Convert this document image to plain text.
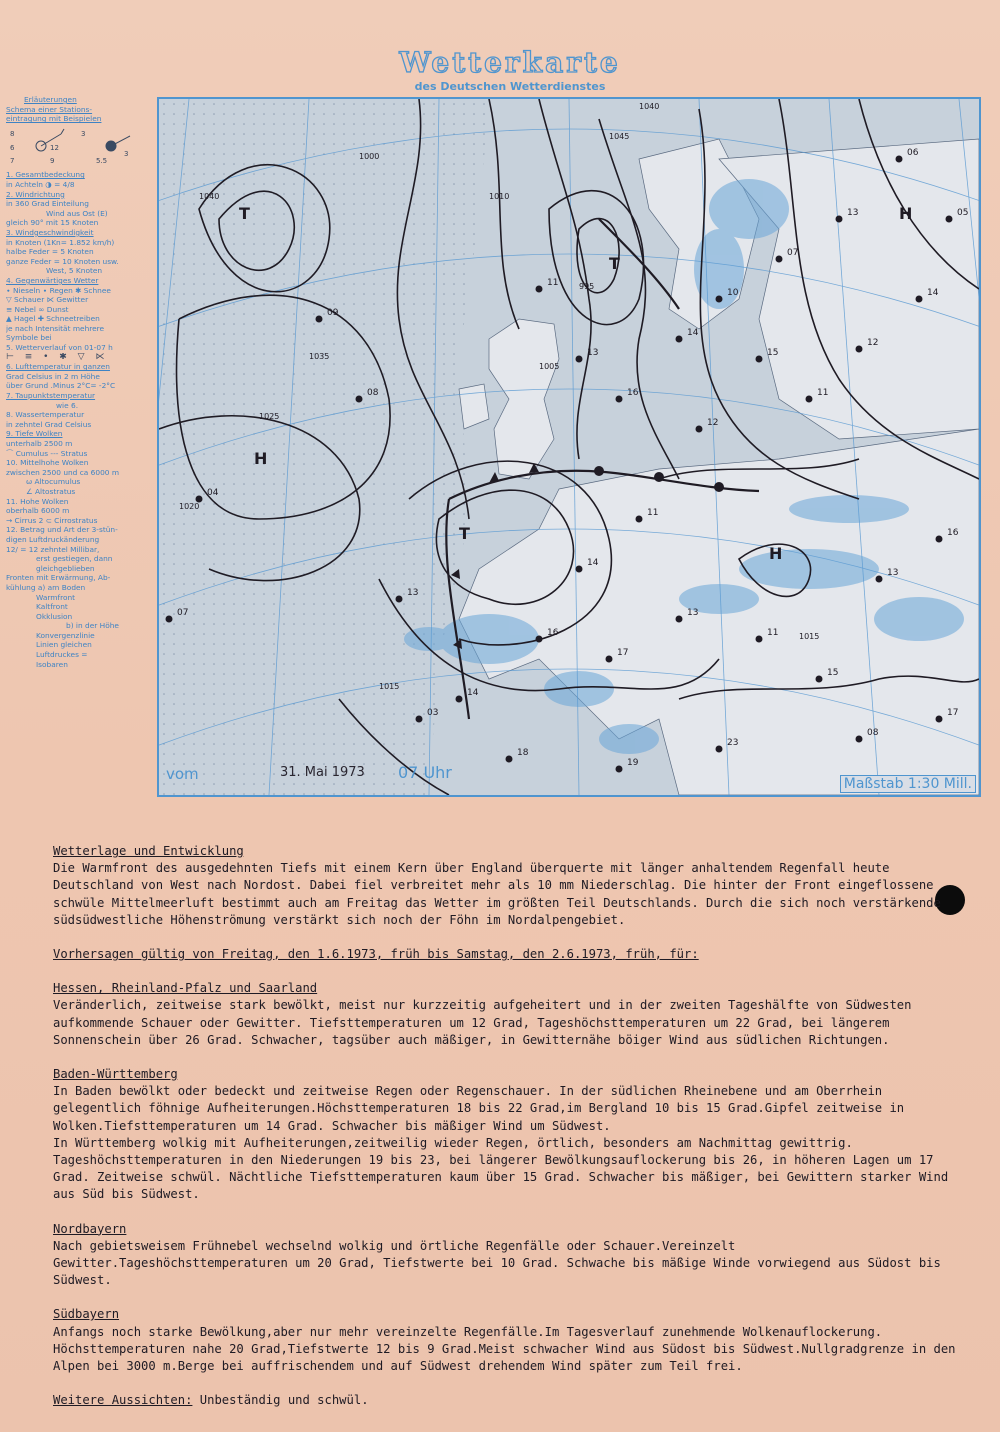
Wetterkarte
des Deutschen Wetterdienstes
Erläuterungen
Schema einer Stations-
eintragung mit Beispielen
8
6
7
12
9
3
5.5
3
1. Gesamtbedeckung
in Achteln ◑ = 4/8
2. Windrichtung
in 360 Grad Einteilung
Wind aus Ost (E)
gleich 90° mit 15 Knoten
3. Windgeschwindigkeit
in Knoten (1Kn= 1.852 km/h)
halbe Feder = 5 Knoten
ganze Feder = 10 Knoten usw.
West, 5 Knoten
4. Gegenwärtiges Wetter
∙ Nieseln ∙ Regen ✱ Schnee
▽ Schauer ⋉ Gewitter
≡ Nebel ∞ Dunst
▲ Hagel ✚ Schneetreiben
je nach Intensität mehrere
Symbole bei
5. Wetterverlauf von 01-07 h
⊢ ≡ • ✱ ▽ ⋉
6. Lufttemperatur in ganzen
Grad Celsius in 2 m Höhe
über Grund .Minus 2°C= -2°C
7. Taupunktstemperatur
wie 6.
8. Wassertemperatur
in zehntel Grad Celsius
9. Tiefe Wolken
unterhalb 2500 m
⌒ Cumulus --- Stratus
10. Mittelhohe Wolken
zwischen 2500 und ca 6000 m
ω Altocumulus
∠ Altostratus
11. Hohe Wolken
oberhalb 6000 m
→ Cirrus 2 ⊂ Cirrostratus
12. Betrag und Art der 3-stün-
digen Luftdruckänderung
12/ = 12 zehntel Millibar,
erst gestiegen, dann
gleichgeblieben
Fronten mit Erwärmung, Ab-
kühlung a) am Boden
Warmfront
Kaltfront
Okklusion
b) in der Höhe
Konvergenzlinie
Linien gleichen
Luftdruckes =
Isobaren
11
13
16
14
10
15
11
12
14
05
06
13
07
12
11
14
16
17
13
11
15
13
16
14
03
13
08
09
04
07
18
19
23
08
17
1040
1035
1025
1020
1015
1010
1005
1000
995
1040
1045
1015
T
H
T
H
H
T
vom	31. Mai 1973 07 Uhr
Maßstab 1:30 Mill.

Wetterlage und Entwicklung

Die Warmfront des ausgedehnten Tiefs mit einem Kern über England überquerte mit länger anhaltendem Regenfall heute Deutschland von West nach Nordost. Dabei fiel verbreitet mehr als 10 mm Niederschlag. Die hinter der Front eingeflossene schwüle Mittelmeerluft bestimmt auch am Freitag das Wetter im größten Teil Deutschlands. Durch die sich noch verstärkende südsüdwestliche Höhenströmung verstärkt sich noch der Föhn im Nordalpengebiet.

Vorhersagen gültig von Freitag, den 1.6.1973, früh bis Samstag, den 2.6.1973, früh, für:

Hessen, Rheinland-Pfalz und Saarland

Veränderlich, zeitweise stark bewölkt, meist nur kurzzeitig aufgeheitert und in der zweiten Tageshälfte von Südwesten aufkommende Schauer oder Gewitter. Tiefsttemperaturen um 12 Grad, Tageshöchsttemperaturen um 22 Grad, bei längerem Sonnenschein über 26 Grad. Schwacher, tagsüber auch mäßiger, in Gewitternähe böiger Wind aus südlichen Richtungen.

Baden-Württemberg

In Baden bewölkt oder bedeckt und zeitweise Regen oder Regenschauer. In der südlichen Rheinebene und am Oberrhein gelegentlich föhnige Aufheiterungen.Höchsttemperaturen 18 bis 22 Grad,im Bergland 10 bis 15 Grad.Gipfel zeitweise in Wolken.Tiefsttemperaturen um 14 Grad. Schwacher bis mäßiger Wind um Südwest.

In Württemberg wolkig mit Aufheiterungen,zeitweilig wieder Regen, örtlich, besonders am Nachmittag gewittrig. Tageshöchsttemperaturen in den Niederungen 19 bis 23, bei längerer Bewölkungsauflockerung bis 26, in höheren Lagen um 17 Grad. Zeitweise schwül. Nächtliche Tiefsttemperaturen kaum über 15 Grad. Schwacher bis mäßiger, bei Gewittern starker Wind aus Süd bis Südwest.

Nordbayern

Nach gebietsweisem Frühnebel wechselnd wolkig und örtliche Regenfälle oder Schauer.Vereinzelt Gewitter.Tageshöchsttemperaturen um 20 Grad, Tiefstwerte bei 10 Grad. Schwache bis mäßige Winde vorwiegend aus Südost bis Südwest.

Südbayern

Anfangs noch starke Bewölkung,aber nur mehr vereinzelte Regenfälle.Im Tagesverlauf zunehmende Wolkenauflockerung. Höchsttemperaturen nahe 20 Grad,Tiefstwerte 12 bis 9 Grad.Meist schwacher Wind aus Südost bis Südwest.Nullgradgrenze in den Alpen bei 3000 m.Berge bei auffrischendem und auf Südwest drehendem Wind später zum Teil frei.

Weitere Aussichten: Unbeständig und schwül.
